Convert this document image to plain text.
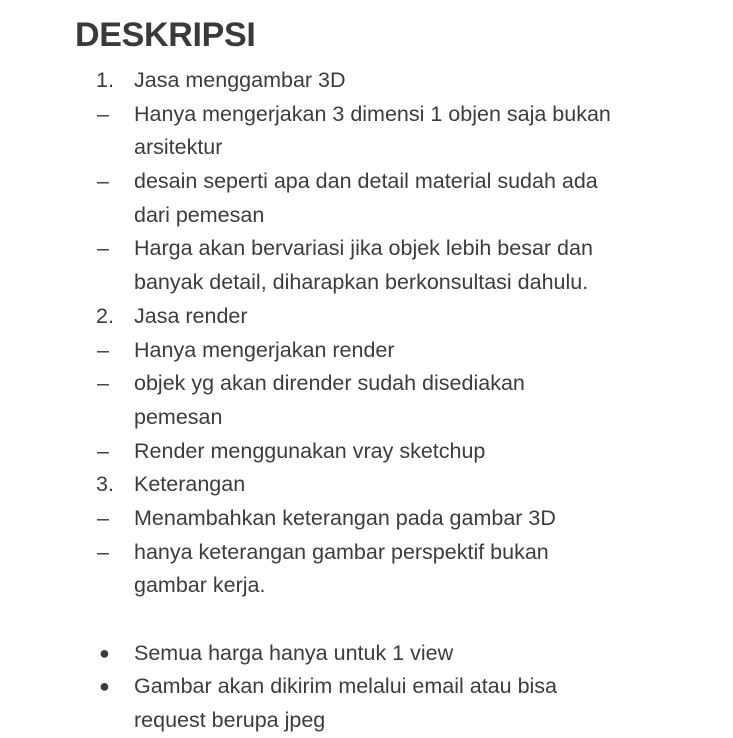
DESKRIPSI
1. Jasa menggambar 3D
–	Hanya mengerjakan 3 dimensi 1 objen saja bukan
arsitektur
–	desain seperti apa dan detail material sudah ada
dari pemesan
–	Harga akan bervariasi jika objek lebih besar dan
banyak detail, diharapkan berkonsultasi dahulu.
2. Jasa render
–	Hanya mengerjakan render
–	objek yg akan dirender sudah disediakan
pemesan
–	Render menggunakan vray sketchup
3. Keterangan
–	Menambahkan keterangan pada gambar 3D
–	hanya keterangan gambar perspektif bukan
gambar kerja.
●	Semua harga hanya untuk 1 view
●	Gambar akan dikirim melalui email atau bisa
request berupa jpeg
